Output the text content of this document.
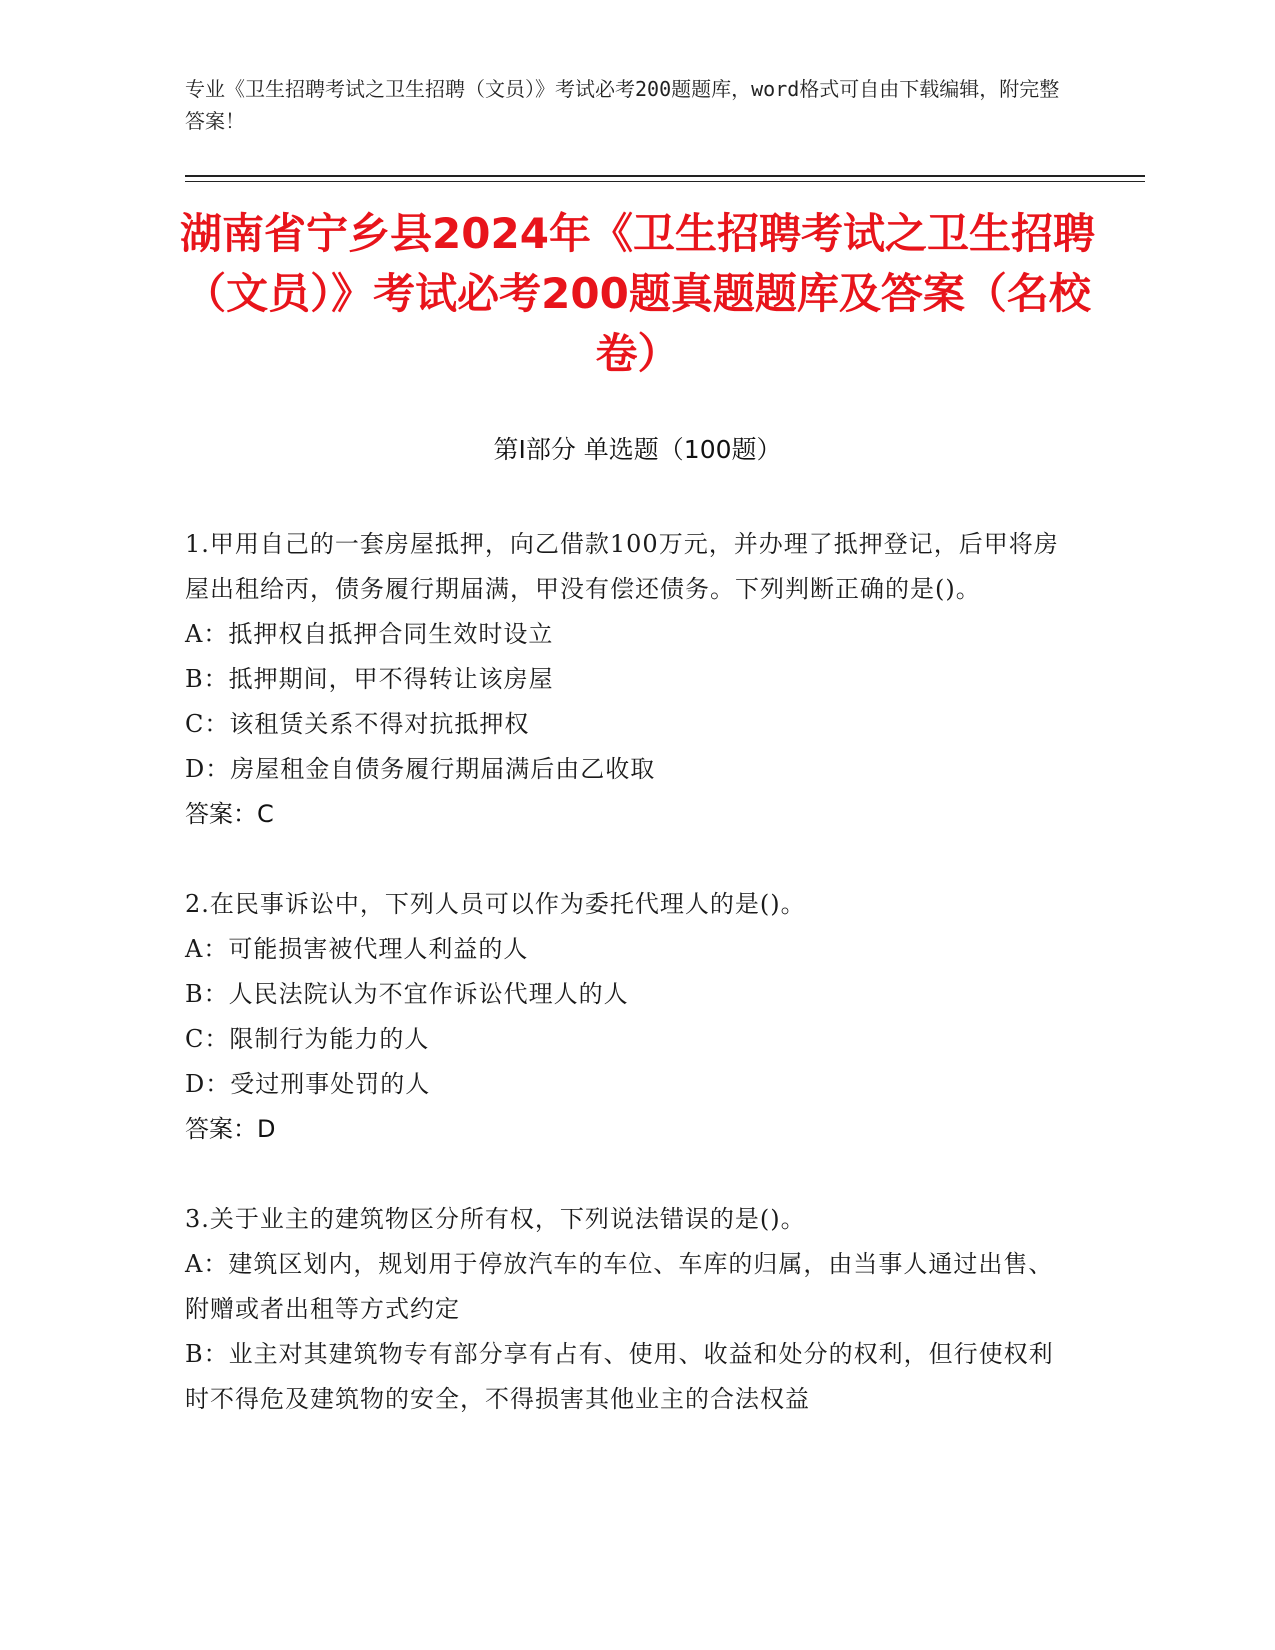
专业《卫生招聘考试之卫生招聘（文员）》考试必考200题题库，word格式可自由下载编辑，附完整答案！
湖南省宁乡县2024年《卫生招聘考试之卫生招聘（文员）》考试必考200题真题题库及答案（名校卷）
第I部分 单选题（100题）
1.甲用自己的一套房屋抵押，向乙借款100万元，并办理了抵押登记，后甲将房屋出租给丙，债务履行期届满，甲没有偿还债务。下列判断正确的是()。
A：抵押权自抵押合同生效时设立
B：抵押期间，甲不得转让该房屋
C：该租赁关系不得对抗抵押权
D：房屋租金自债务履行期届满后由乙收取
答案：C
2.在民事诉讼中，下列人员可以作为委托代理人的是()。
A：可能损害被代理人利益的人
B：人民法院认为不宜作诉讼代理人的人
C：限制行为能力的人
D：受过刑事处罚的人
答案：D
3.关于业主的建筑物区分所有权，下列说法错误的是()。
A：建筑区划内，规划用于停放汽车的车位、车库的归属，由当事人通过出售、附赠或者出租等方式约定
B：业主对其建筑物专有部分享有占有、使用、收益和处分的权利，但行使权利时不得危及建筑物的安全，不得损害其他业主的合法权益
